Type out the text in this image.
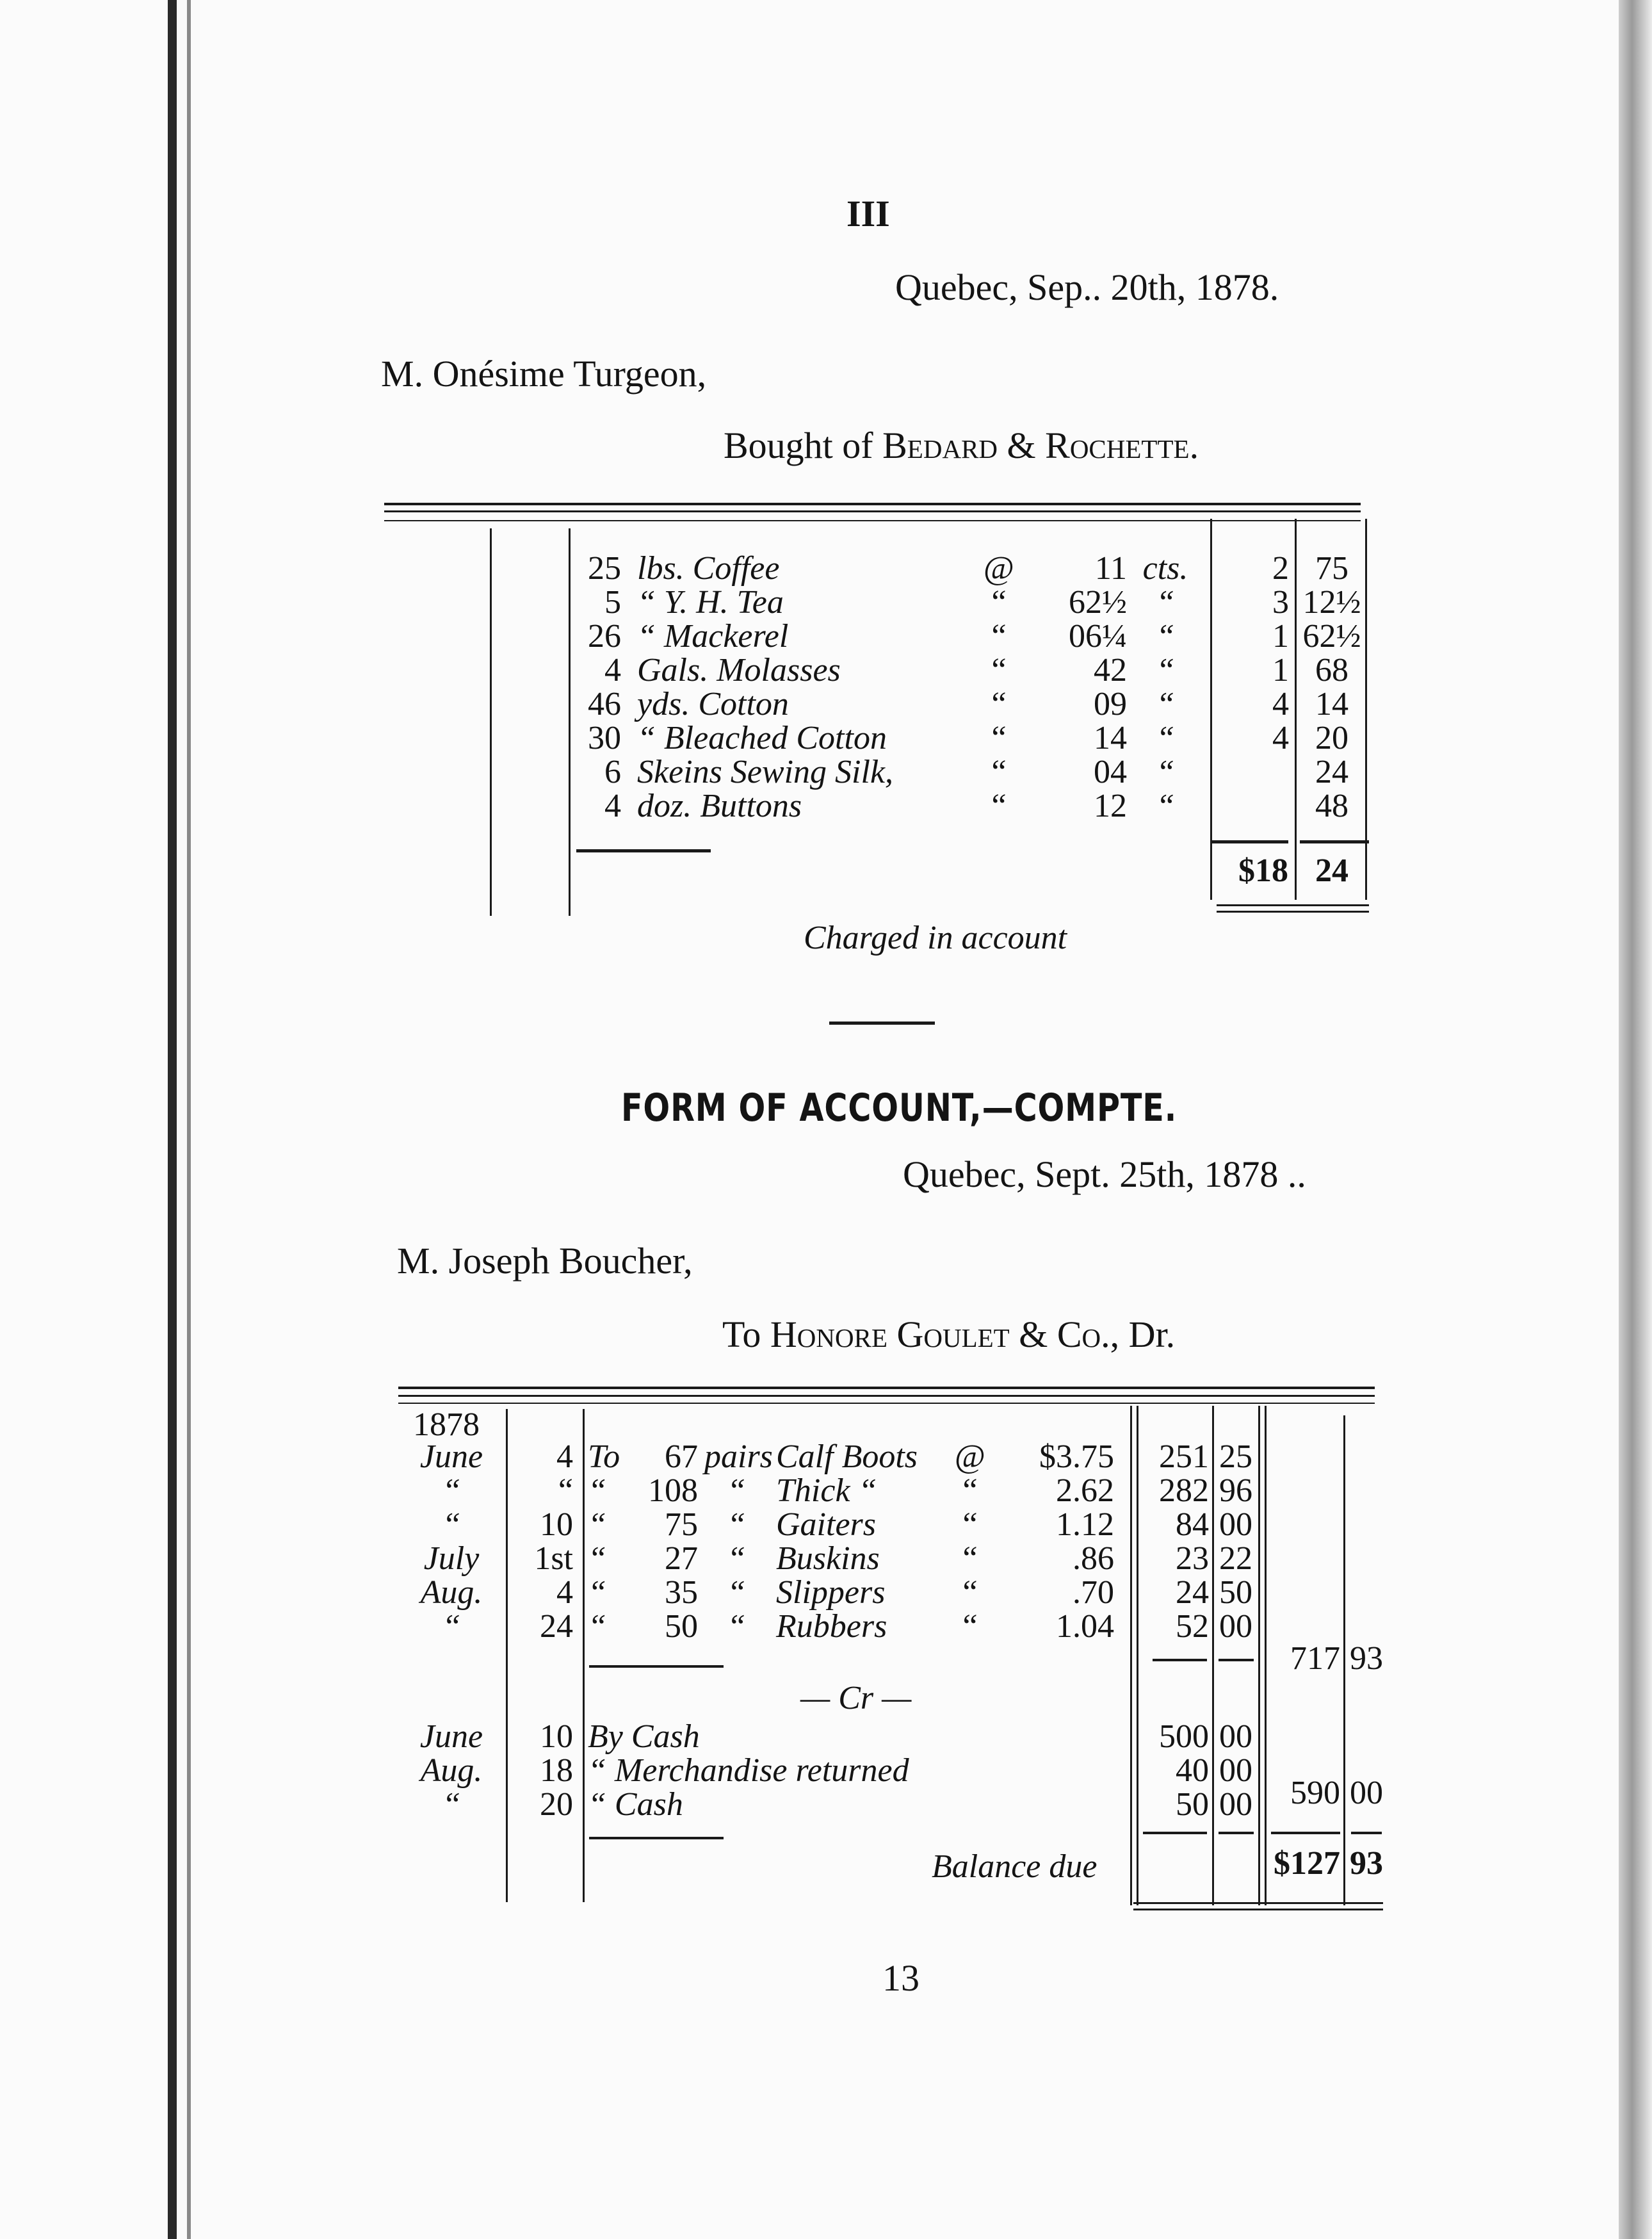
III
Quebec, Sep.. 20th, 1878.
M. Onésime Turgeon,
Bought of Bedard & Rochette.
25 lbs. Coffee	@	11 cts.	2 75
5 “ Y. H. Tea	“	62½ “	3 12½
26 “ Mackerel	“	06¼ “	1 62½
4 Gals. Molasses	“	42 “	1 68
46 yds. Cotton	“	09 “	4 14
30 “ Bleached Cotton	“	14 “	4 20
6 Skeins Sewing Silk,	“	04 “	24
4 doz. Buttons	“	12 “	48
$18 24
Charged in account
FORM OF ACCOUNT,—COMPTE.
Quebec, Sept. 25th, 1878 ..
M. Joseph Boucher,
To Honore Goulet & Co., Dr.
1878
June	4 To	67 pairs Calf Boots	@	$3.75	251 25
“	“ “	108 “ Thick “	“	2.62	282 96
“	10 “	75 “ Gaiters	“	1.12	84 00
July	1st “	27 “ Buskins	“	.86	23 22
Aug.	4 “	35 “ Slippers	“	.70	24 50
“	24 “	50 “ Rubbers	“	1.04	52 00
717 93
— Cr —
June	10 By Cash	500 00
Aug.	18 “ Merchandise returned	40 00
“	20 “ Cash	50 00	590 00
Balance due	$127 93
13
